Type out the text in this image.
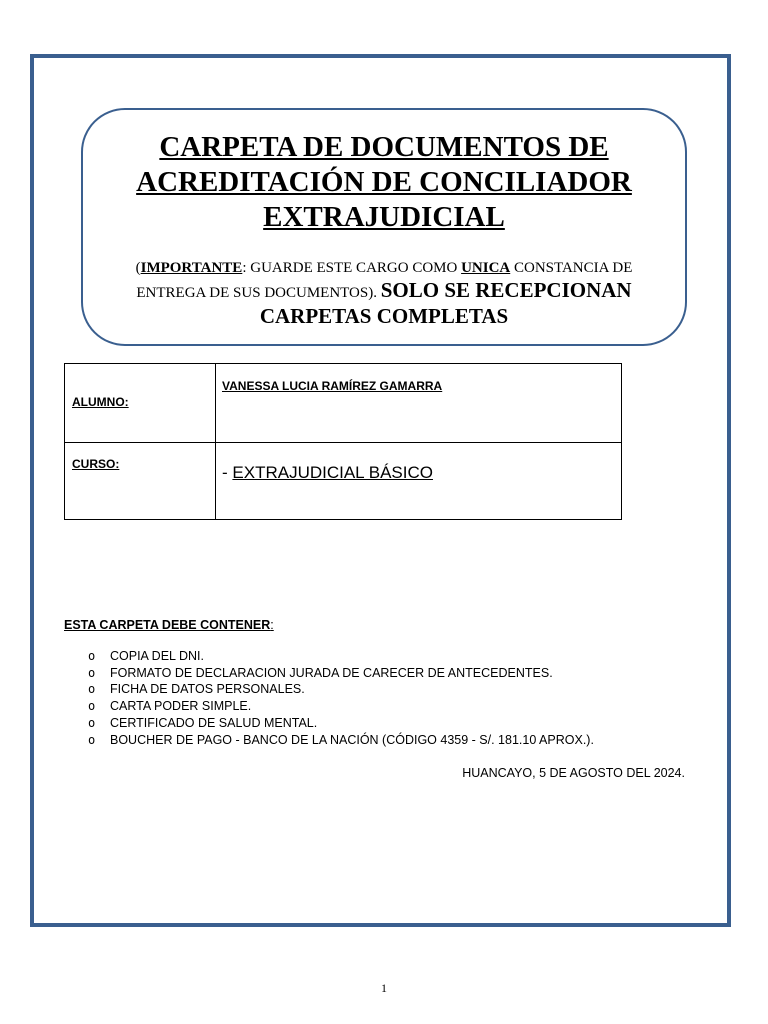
CARPETA DE DOCUMENTOS DE ACREDITACIÓN DE CONCILIADOR EXTRAJUDICIAL
(IMPORTANTE: GUARDE ESTE CARGO COMO UNICA CONSTANCIA DE ENTREGA DE SUS DOCUMENTOS). SOLO SE RECEPCIONAN
CARPETAS COMPLETAS
ALUMNO:	VANESSA LUCIA RAMÍREZ GAMARRA
CURSO:	- EXTRAJUDICIAL BÁSICO
ESTA CARPETA DEBE CONTENER:
o	COPIA DEL DNI.
o	FORMATO DE DECLARACION JURADA DE CARECER DE ANTECEDENTES.
o	FICHA DE DATOS PERSONALES.
o	CARTA PODER SIMPLE.
o	CERTIFICADO DE SALUD MENTAL.
o	BOUCHER DE PAGO - BANCO DE LA NACIÓN (CÓDIGO 4359 - S/. 181.10 APROX.).
HUANCAYO, 5 DE AGOSTO DEL 2024.
1
